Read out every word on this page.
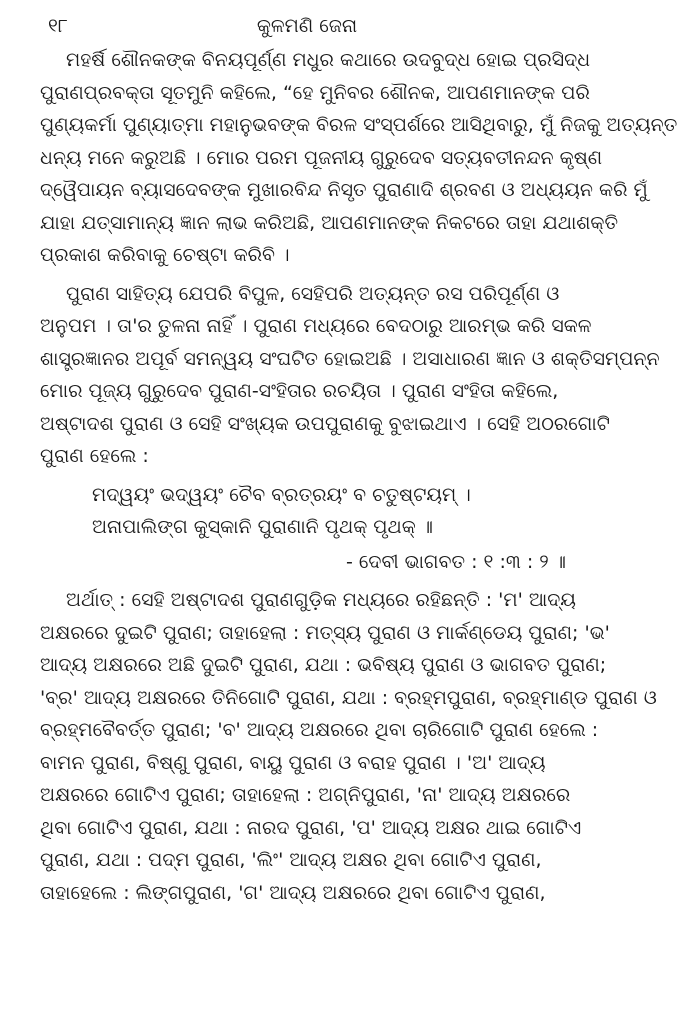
୧୮	କୁଳମଣି ଜେନା
ମହର୍ଷି ଶୌନକଙ୍କ ବିନୟପୂର୍ଣ୍ଣ ମଧୁର କଥାରେ ଉଦବୁଦ୍ଧ ହୋଇ ପ୍ରସିଦ୍ଧ
ପୁରାଣପ୍ରବକ୍ତା ସୂତମୁନି କହିଲେ, “ହେ ମୁନିବର ଶୌନକ, ଆପଣମାନଙ୍କ ପରି
ପୁଣ୍ୟକର୍ମା ପୁଣ୍ୟାତ୍ମା ମହାନୁଭବଙ୍କ ବିରଳ ସଂସ୍ପର୍ଶରେ ଆସିଥିବାରୁ, ମୁଁ ନିଜକୁ ଅତ୍ୟନ୍ତ
ଧନ୍ୟ ମନେ କରୁଅଛି । ମୋର ପରମ ପୂଜନୀୟ ଗୁରୁଦେବ ସତ୍ୟବତୀନନ୍ଦନ କୃଷ୍ଣ
ଦ୍ୱୈପାୟନ ବ୍ୟାସଦେବଙ୍କ ମୁଖାରବିନ୍ଦ ନିସୃତ ପୁରାଣାଦି ଶ୍ରବଣ ଓ ଅଧ୍ୟୟନ କରି ମୁଁ
ଯାହା ଯତ୍‌ସାମାନ୍ୟ ଜ୍ଞାନ ଲାଭ କରିଅଛି, ଆପଣମାନଙ୍କ ନିକଟରେ ତାହା ଯଥାଶକ୍ତି
ପ୍ରକାଶ କରିବାକୁ ଚେଷ୍ଟା କରିବି ।
ପୁରାଣ ସାହିତ୍ୟ ଯେପରି ବିପୁଳ, ସେହିପରି ଅତ୍ୟନ୍ତ ରସ ପରିପୂର୍ଣ୍ଣ ଓ
ଅନୁପମ । ତା'ର ତୁଳନା ନାହିଁ । ପୁରାଣ ମଧ୍ୟରେ ବେଦଠାରୁ ଆରମ୍ଭ କରି ସକଳ
ଶାସ୍ତ୍ରଜ୍ଞାନର ଅପୂର୍ବ ସମନ୍ୱୟ ସଂଘଟିତ ହୋଇଅଛି । ଅସାଧାରଣ ଜ୍ଞାନ ଓ ଶକ୍ତିସମ୍ପନ୍ନ
ମୋର ପୂଜ୍ୟ ଗୁରୁଦେବ ପୁରାଣ-ସଂହିତାର ରଚୟିତା । ପୁରାଣ ସଂହିତା କହିଲେ,
ଅଷ୍ଟାଦଶ ପୁରାଣ ଓ ସେହି ସଂଖ୍ୟକ ଉପପୁରାଣକୁ ବୁଝାଇଥାଏ । ସେହି ଅଠରଗୋଟି
ପୁରାଣ ହେଲେ :
ମଦ୍ୱୟଂ ଭଦ୍ୱୟଂ ଚୈବ ବ୍ରତ୍ରୟଂ ବ ଚତୁଷ୍ଟୟମ୍ ।
ଅନାପାଲିଙ୍ଗ କୁସ୍କାନି ପୁରାଣାନି ପୃଥକ୍ ପୃଥକ୍ ॥
- ଦେବୀ ଭାଗବତ : ୧ :୩ : ୨ ॥
ଅର୍ଥାତ୍ : ସେହି ଅଷ୍ଟାଦଶ ପୁରାଣଗୁଡ଼ିକ ମଧ୍ୟରେ ରହିଛନ୍ତି : 'ମ' ଆଦ୍ୟ
ଅକ୍ଷରରେ ଦୁଇଟି ପୁରାଣ; ତାହାହେଲା : ମତ୍ସ୍ୟ ପୁରାଣ ଓ ମାର୍କଣ୍ଡେୟ ପୁରାଣ; 'ଭ'
ଆଦ୍ୟ ଅକ୍ଷରରେ ଅଛି ଦୁଇଟି ପୁରାଣ, ଯଥା : ଭବିଷ୍ୟ ପୁରାଣ ଓ ଭାଗବତ ପୁରାଣ;
'ବ୍ର' ଆଦ୍ୟ ଅକ୍ଷରରେ ତିନିଗୋଟି ପୁରାଣ, ଯଥା : ବ୍ରହ୍ମପୁରାଣ, ବ୍ରହ୍ମାଣ୍ଡ ପୁରାଣ ଓ
ବ୍ରହ୍ମବୈବର୍ତ୍ତ ପୁରାଣ; 'ବ' ଆଦ୍ୟ ଅକ୍ଷରରେ ଥିବା ଚାରିଗୋଟି ପୁରାଣ ହେଲେ :
ବାମନ ପୁରାଣ, ବିଷ୍ଣୁ ପୁରାଣ, ବାୟୁ ପୁରାଣ ଓ ବରାହ ପୁରାଣ । 'ଅ' ଆଦ୍ୟ
ଅକ୍ଷରରେ ଗୋଟିଏ ପୁରାଣ; ତାହାହେଲା : ଅଗ୍ନିପୁରାଣ, 'ନା' ଆଦ୍ୟ ଅକ୍ଷରରେ
ଥିବା ଗୋଟିଏ ପୁରାଣ, ଯଥା : ନାରଦ ପୁରାଣ, 'ପ' ଆଦ୍ୟ ଅକ୍ଷର ଥାଇ ଗୋଟିଏ
ପୁରାଣ, ଯଥା : ପଦ୍ମ ପୁରାଣ, 'ଲିଂ' ଆଦ୍ୟ ଅକ୍ଷର ଥିବା ଗୋଟିଏ ପୁରାଣ,
ତାହାହେଲେ : ଲିଙ୍ଗପୁରାଣ, 'ଗ' ଆଦ୍ୟ ଅକ୍ଷରରେ ଥିବା ଗୋଟିଏ ପୁରାଣ,
